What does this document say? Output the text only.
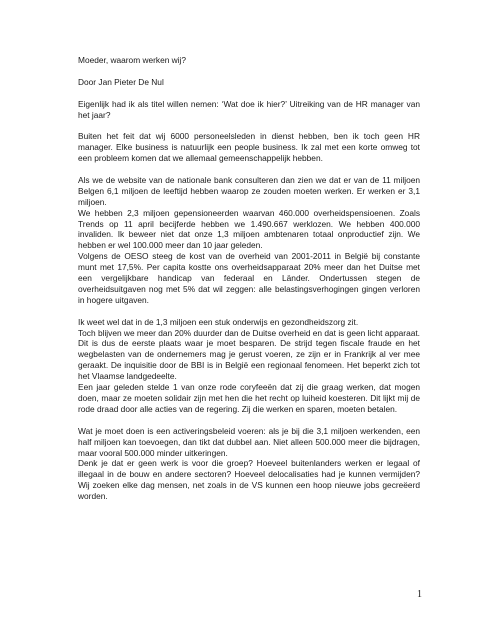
Moeder, waarom werken wij?

Door Jan Pieter De Nul

Eigenlijk had ik als titel willen nemen: ‘Wat doe ik hier?’ Uitreiking van de HR manager van het jaar?

Buiten het feit dat wij 6000 personeelsleden in dienst hebben, ben ik toch geen HR manager. Elke business is natuurlijk een people business. Ik zal met een korte omweg tot een probleem komen dat we allemaal gemeenschappelijk hebben.

Als we de website van de nationale bank consulteren dan zien we dat er van de 11 miljoen Belgen 6,1 miljoen de leeftijd hebben waarop ze zouden moeten werken. Er werken er 3,1 miljoen.

We hebben 2,3 miljoen gepensioneerden waarvan 460.000 overheidspensioenen. Zoals Trends op 11 april becijferde hebben we 1.490.667 werklozen. We hebben 400.000 invaliden. Ik beweer niet dat onze 1,3 miljoen ambtenaren totaal onproductief zijn. We hebben er wel 100.000 meer dan 10 jaar geleden.

Volgens de OESO steeg de kost van de overheid van 2001-2011 in België bij constante munt met 17,5%. Per capita kostte ons overheidsapparaat 20% meer dan het Duitse met een vergelijkbare handicap van federaal en Länder. Ondertussen stegen de overheidsuitgaven nog met 5% dat wil zeggen: alle belastingsverhogingen gingen verloren in hogere uitgaven.

Ik weet wel dat in de 1,3 miljoen een stuk onderwijs en gezondheidszorg zit.

Toch blijven we meer dan 20% duurder dan de Duitse overheid en dat is geen licht apparaat. Dit is dus de eerste plaats waar je moet besparen. De strijd tegen fiscale fraude en het wegbelasten van de ondernemers mag je gerust voeren, ze zijn er in Frankrijk al ver mee geraakt. De inquisitie door de BBI is in België een regionaal fenomeen. Het beperkt zich tot het Vlaamse landgedeelte.

Een jaar geleden stelde 1 van onze rode coryfeeën dat zij die graag werken, dat mogen doen, maar ze moeten solidair zijn met hen die het recht op luiheid koesteren. Dit lijkt mij de rode draad door alle acties van de regering. Zij die werken en sparen, moeten betalen.

Wat je moet doen is een activeringsbeleid voeren: als je bij die 3,1 miljoen werkenden, een half miljoen kan toevoegen, dan tikt dat dubbel aan. Niet alleen 500.000 meer die bijdragen, maar vooral 500.000 minder uitkeringen.

Denk je dat er geen werk is voor die groep? Hoeveel buitenlanders werken er legaal of illegaal in de bouw en andere sectoren? Hoeveel delocalisaties had je kunnen vermijden? Wij zoeken elke dag mensen, net zoals in de VS kunnen een hoop nieuwe jobs gecreëerd worden.

1
